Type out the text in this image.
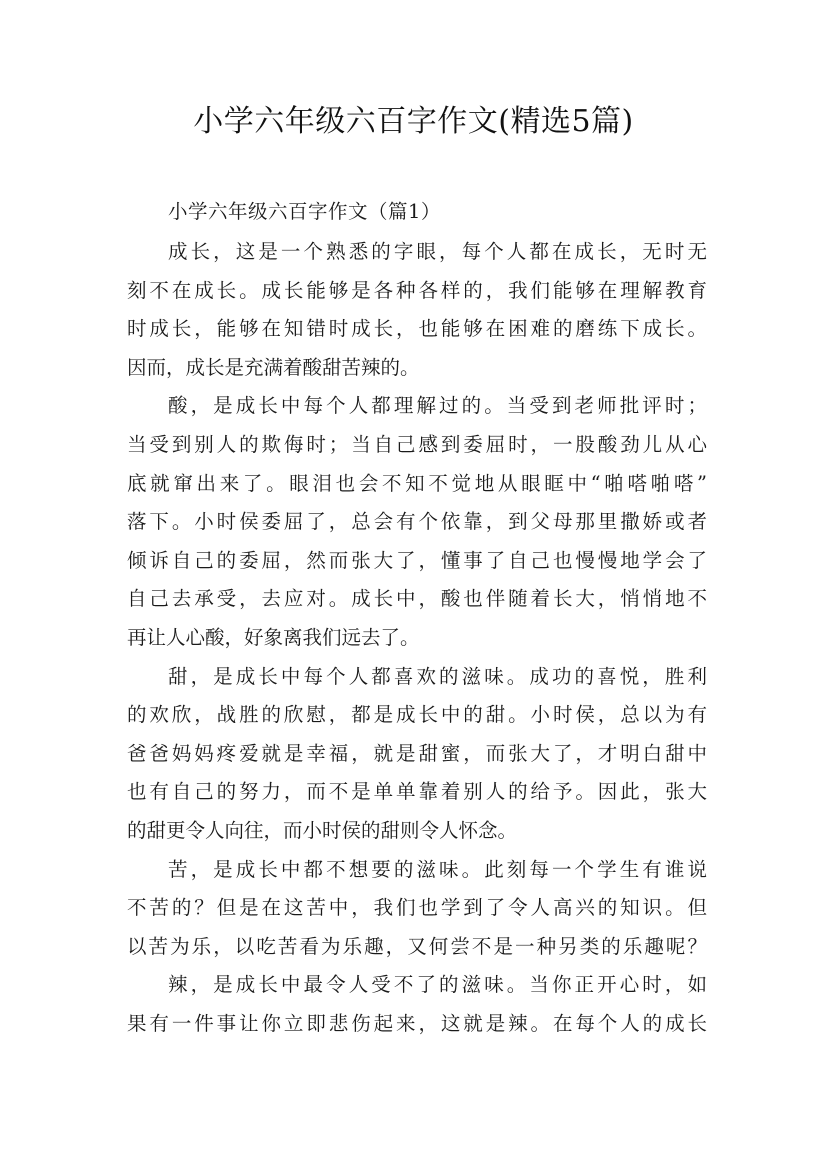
小学六年级六百字作文(精选5篇)
小学六年级六百字作文（篇1）
成长，这是一个熟悉的字眼，每个人都在成长，无时无
刻不在成长。成长能够是各种各样的，我们能够在理解教育
时成长，能够在知错时成长，也能够在困难的磨练下成长。
因而，成长是充满着酸甜苦辣的。
酸，是成长中每个人都理解过的。当受到老师批评时；
当受到别人的欺侮时；当自己感到委屈时，一股酸劲儿从心
底就窜出来了。眼泪也会不知不觉地从眼眶中“啪嗒啪嗒”
落下。小时侯委屈了，总会有个依靠，到父母那里撒娇或者
倾诉自己的委屈，然而张大了，懂事了自己也慢慢地学会了
自己去承受，去应对。成长中，酸也伴随着长大，悄悄地不
再让人心酸，好象离我们远去了。
甜，是成长中每个人都喜欢的滋味。成功的喜悦，胜利
的欢欣，战胜的欣慰，都是成长中的甜。小时侯，总以为有
爸爸妈妈疼爱就是幸福，就是甜蜜，而张大了，才明白甜中
也有自己的努力，而不是单单靠着别人的给予。因此，张大
的甜更令人向往，而小时侯的甜则令人怀念。
苦，是成长中都不想要的滋味。此刻每一个学生有谁说
不苦的？但是在这苦中，我们也学到了令人高兴的知识。但
以苦为乐，以吃苦看为乐趣，又何尝不是一种另类的乐趣呢？
辣，是成长中最令人受不了的滋味。当你正开心时，如
果有一件事让你立即悲伤起来，这就是辣。在每个人的成长
